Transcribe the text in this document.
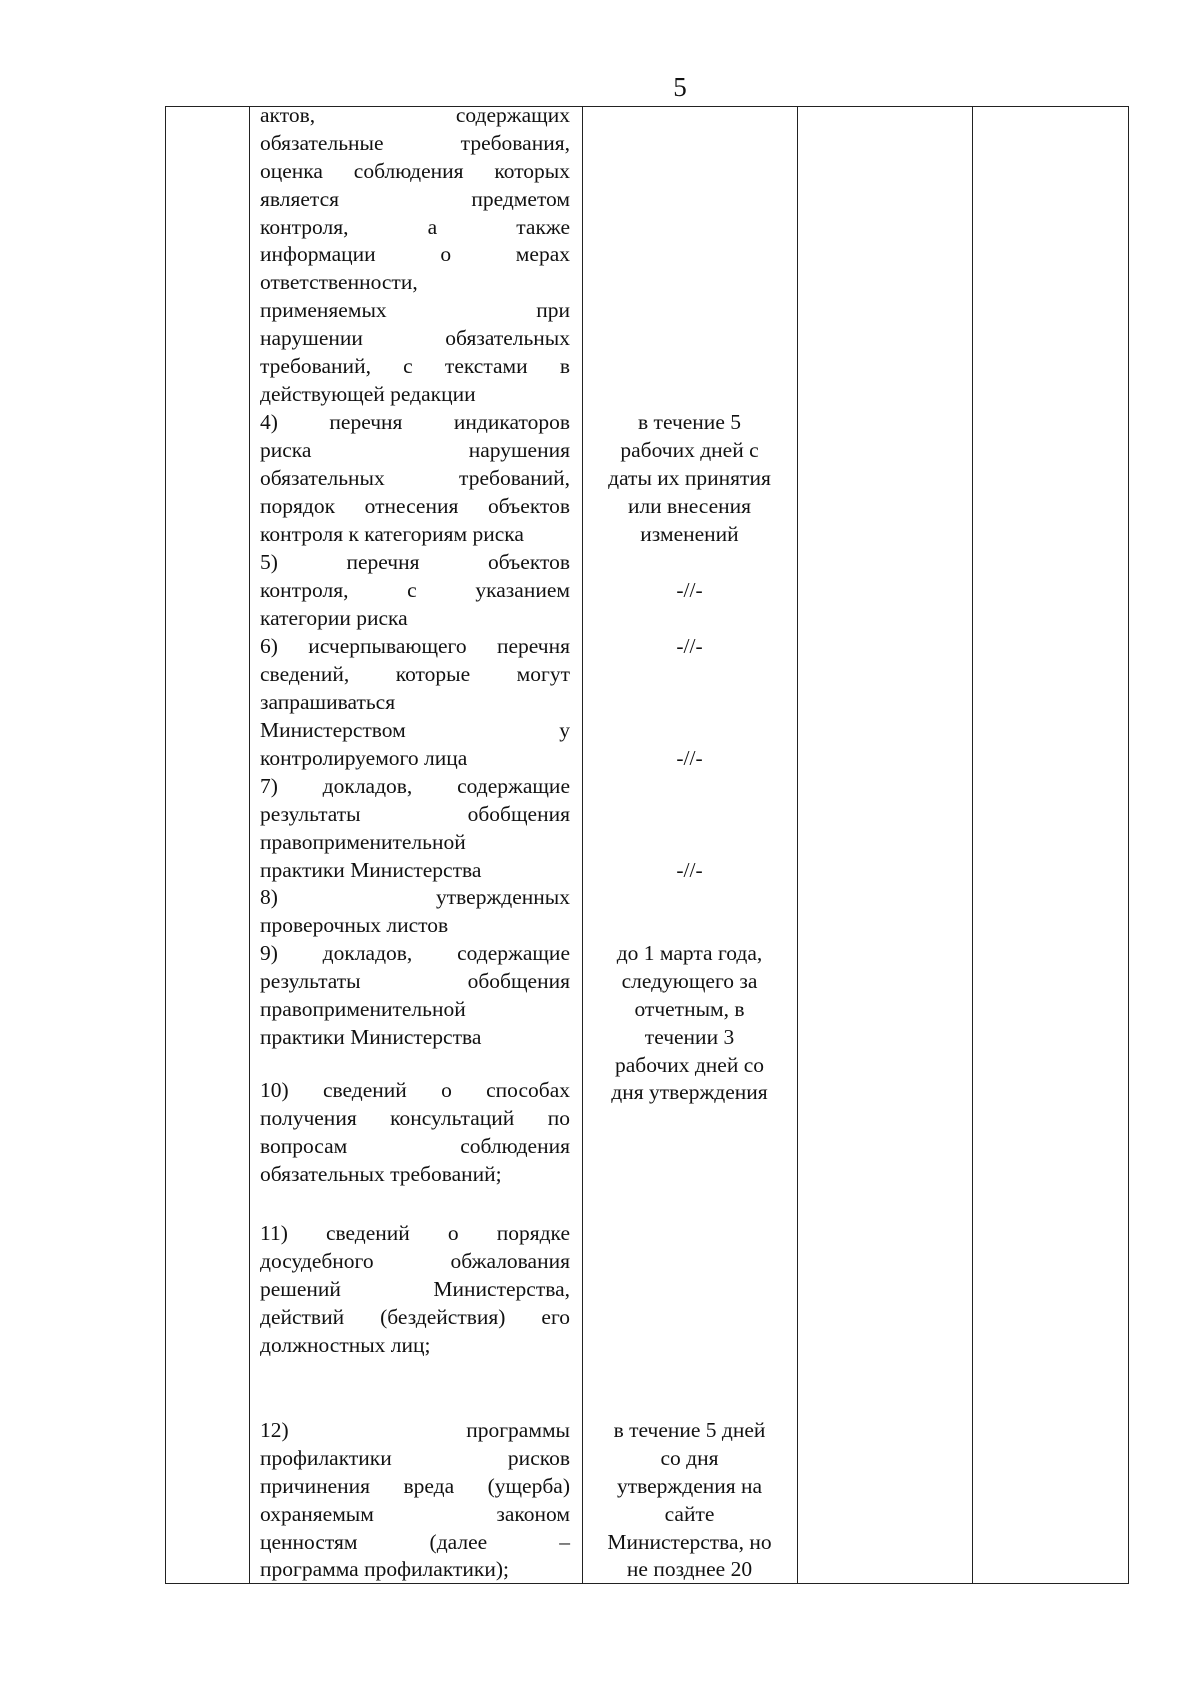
5
актов, содержащих
обязательные требования,
оценка соблюдения которых
является предметом
контроля, а также
информации о мерах
ответственности,
применяемых при
нарушении обязательных
требований, с текстами в
действующей редакции
4) перечня индикаторов
риска нарушения
обязательных требований,
порядок отнесения объектов
контроля к категориям риска
5) перечня объектов
контроля, с указанием
категории риска
6) исчерпывающего перечня
сведений, которые могут
запрашиваться
Министерством у
контролируемого лица
7) докладов, содержащие
результаты обобщения
правоприменительной
практики Министерства
8) утвержденных
проверочных листов
9) докладов, содержащие
результаты обобщения
правоприменительной
практики Министерства
10) сведений о способах
получения консультаций по
вопросам соблюдения
обязательных требований;
11) сведений о порядке
досудебного обжалования
решений Министерства,
действий (бездействия) его
должностных лиц;
12) программы
профилактики рисков
причинения вреда (ущерба)
охраняемым законом
ценностям (далее –
программа профилактики);
в течение 5
рабочих дней с
даты их принятия
или внесения
изменений
-//-
-//-
-//-
-//-
до 1 марта года,
следующего за
отчетным, в
течении 3
рабочих дней со
дня утверждения
в течение 5 дней
со дня
утверждения на
сайте
Министерства, но
не позднее 20
